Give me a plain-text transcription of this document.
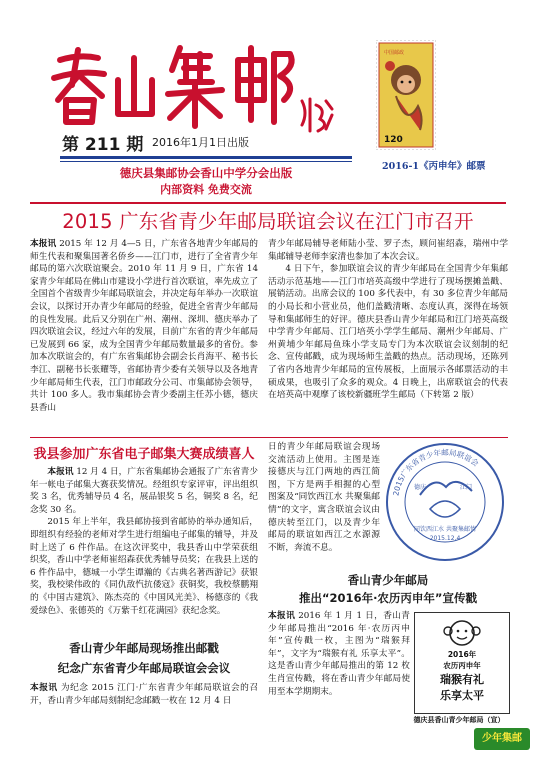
第 211 期 2016年1月1日出版
德庆县集邮协会香山中学分会出版
内部资料 免费交流
中国邮政
120
2016-1《丙申年》邮票
2015 广东省青少年邮局联谊会议在江门市召开
本报讯 2015 年 12 月 4—5 日，广东省各地青少年邮局的师生代表和聚集国著名侨乡——江门市，进行了全省青少年邮局的第六次联谊聚会。2010 年 11 月 9 日，广东省 14 家青少年邮局在佛山市建设小学进行首次联谊，率先成立了全国首个省级青少年邮局联谊会，并决定每年举办一次联谊会议，以探讨开办青少年邮局的经验，促进全省青少年邮局的良性发展。此后又分别在广州、潮州、深圳、德庆举办了四次联谊会议，经过六年的发展，目前广东省的青少年邮局已发展到 66 家，成为全国青少年邮局数量最多的省份。参加本次联谊会的，有广东省集邮协会副会长肖海平、秘书长李江、副秘书长张耀等，省邮协青少委有关领导以及各地青少年邮局师生代表，江门市邮政分公司、市集邮协会领导，共计 100 多人。我市集邮协会青少委副主任苏小德，德庆县香山

青少年邮局辅导老师陆小莹、罗子杰，顾问崔绍森，瑞州中学集邮辅导老师李家清也参加了本次会议。

4 日下午，参加联谊会议的青少年邮局在全国青少年集邮活动示范基地——江门市培英高级中学进行了现场摆摊盖戳、展销活动。出席会议的 100 多代表中，有 30 多位青少年邮局的小局长和小营业员，他们盖戳清晰、态度认真，深得在场领导和集邮师生的好评。德庆县香山青少年邮局和江门培英高级中学青少年邮局、江门培英小学学生邮局、潮州少年邮局、广州黄埔少年邮局鱼珠小学支局专门为本次联谊会议刻制的纪念、宣传邮戳，成为现场师生盖戳的热点。活动现场，还陈列了省内各地青少年邮局的宣传展板，上面展示各邮票活动的丰硕成果，也吸引了众多的观众。4 日晚上，出席联谊会的代表在培英高中观摩了该校新疆班学生邮局（下转第 2 版）

我县参加广东省电子邮集大赛成绩喜人

本报讯 12 月 4 日，广东省集邮协会通报了广东省青少年一帐电子邮集大赛获奖情况。经组织专家评审，评出组织奖 3 名，优秀辅导员 4 名，展品银奖 5 名，铜奖 8 名，纪念奖 30 名。

2015 年上半年，我县邮协接到省邮协的举办通知后，即组织有经验的老师对学生进行组编电子邮集的辅导，并及时上送了 6 件作品。在这次评奖中，我县香山中学荣获组织奖，香山中学老师崔绍森获优秀辅导员奖；在我县上送的 6 件作品中，德城一小学生谭瀚的《古典名著西游记》获银奖，我校梁伟政的《同仇敌忾抗倭寇》获铜奖，我校蔡鹏翔的《中国古建筑》、陈杰亮的《中国风光美》、杨德彦的《我爱绿色》、张德英的《万紫千红花满园》获纪念奖。

香山青少年邮局现场推出邮戳
纪念广东省青少年邮局联谊会会议
本报讯 为纪念 2015 江门·广东省青少年邮局联谊会的召开，香山青少年邮局刻制纪念邮戳一枚在 12 月 4 日
日的青少年邮局联谊会现场交流活动上使用。主图是连接德庆与江门两地的西江简图，下方是两手相握的心型图案及“同饮西江水 共聚集邮情”的文字，寓含联谊会议由德庆转至江门，以及青少年邮局的联谊如西江之水源源不断，奔流不息。
2015广东省青少年邮局联谊会
德庆	江门
同饮西江水 共聚集邮情
2015.12.4
香山青少年邮局
推出“2016年·农历丙申年”宣传戳
本报讯 2016 年 1 月 1 日，香山青少年邮局推出“2016 年·农历丙申年”宣传戳一枚，主图为“瑞猴拜年”，文字为“瑞猴有礼 乐享太平”。这是香山青少年邮局推出的第 12 枚生肖宣传戳，将在香山青少年邮局使用至本学期期末。
2016年
农历丙申年
瑞猴有礼
乐享太平
德庆县香山青少年邮局（宣）
少年集邮
